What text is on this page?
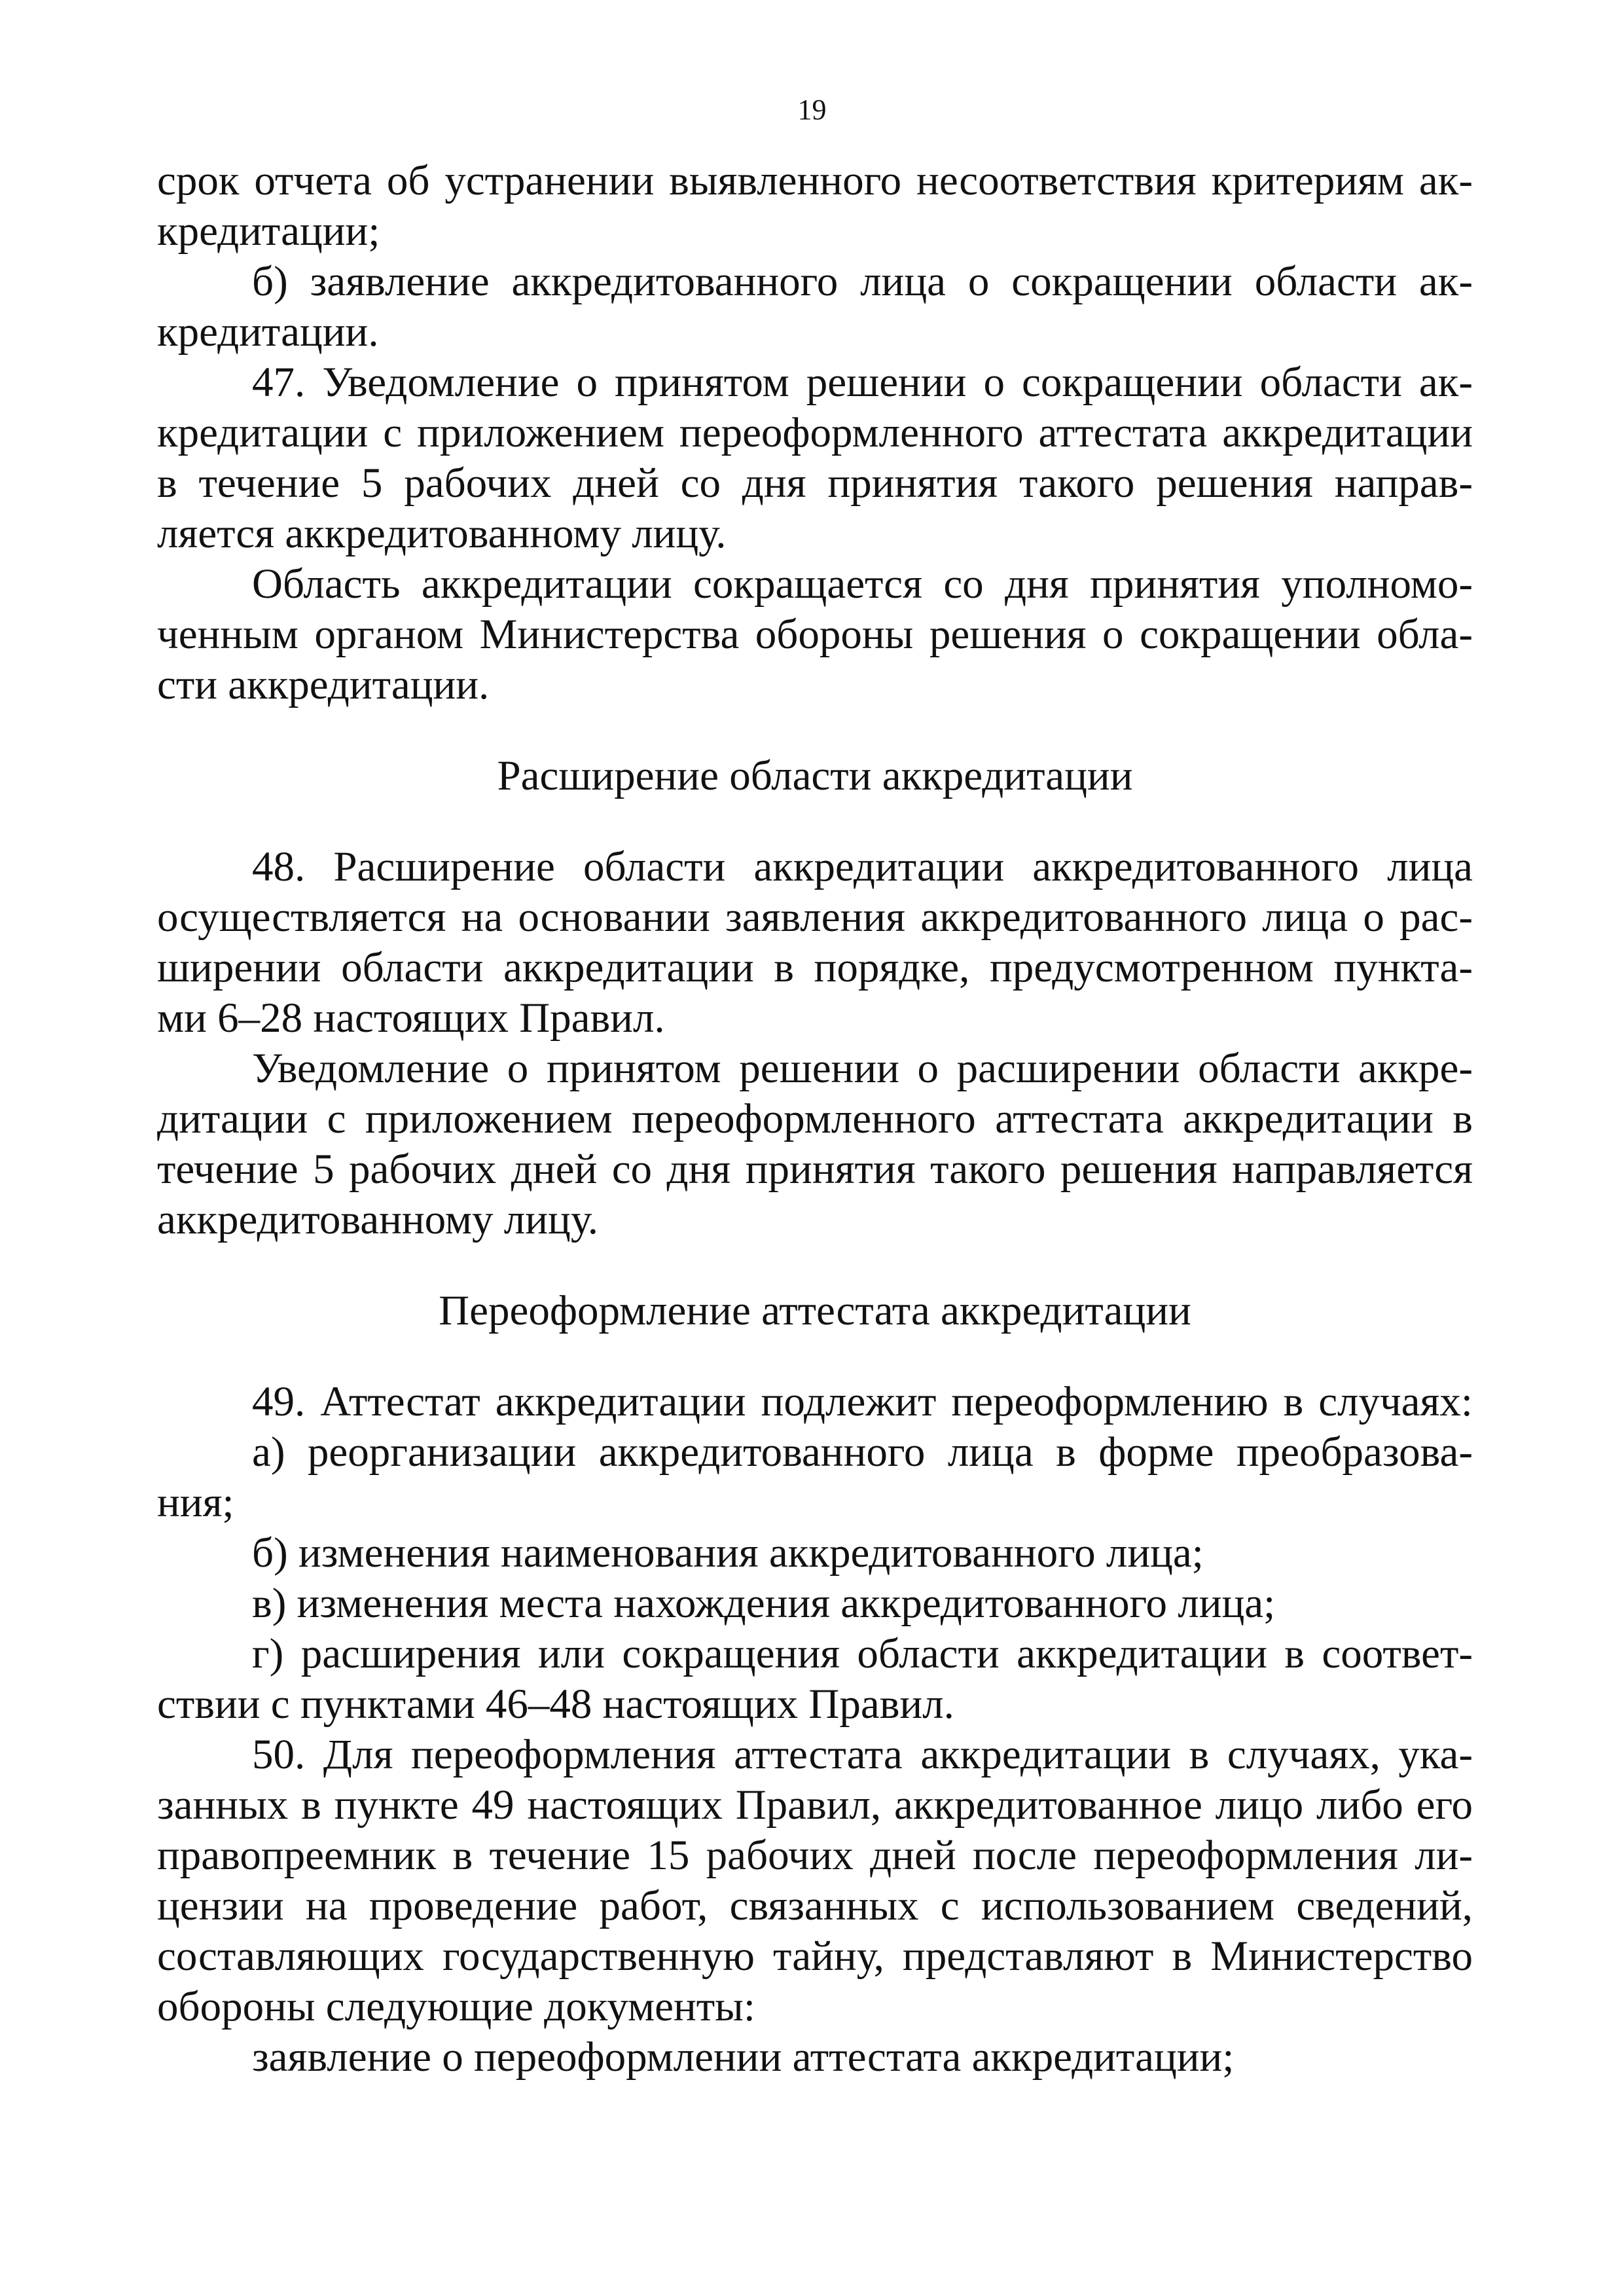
19
срок отчета об устранении выявленного несоответствия критериям ак-
кредитации;
б) заявление аккредитованного лица о сокращении области ак-
кредитации.
47. Уведомление о принятом решении о сокращении области ак-
кредитации с приложением переоформленного аттестата аккредитации
в течение 5 рабочих дней со дня принятия такого решения направ-
ляется аккредитованному лицу.
Область аккредитации сокращается со дня принятия уполномо-
ченным органом Министерства обороны решения о сокращении обла-
сти аккредитации.
Расширение области аккредитации
48. Расширение области аккредитации аккредитованного лица
осуществляется на основании заявления аккредитованного лица о рас-
ширении области аккредитации в порядке, предусмотренном пункта-
ми 6–28 настоящих Правил.
Уведомление о принятом решении о расширении области аккре-
дитации с приложением переоформленного аттестата аккредитации в
течение 5 рабочих дней со дня принятия такого решения направляется
аккредитованному лицу.
Переоформление аттестата аккредитации
49. Аттестат аккредитации подлежит переоформлению в случаях:
а) реорганизации аккредитованного лица в форме преобразова-
ния;
б) изменения наименования аккредитованного лица;
в) изменения места нахождения аккредитованного лица;
г) расширения или сокращения области аккредитации в соответ-
ствии с пунктами 46–48 настоящих Правил.
50. Для переоформления аттестата аккредитации в случаях, ука-
занных в пункте 49 настоящих Правил, аккредитованное лицо либо его
правопреемник в течение 15 рабочих дней после переоформления ли-
цензии на проведение работ, связанных с использованием сведений,
составляющих государственную тайну, представляют в Министерство
обороны следующие документы:
заявление о переоформлении аттестата аккредитации;
